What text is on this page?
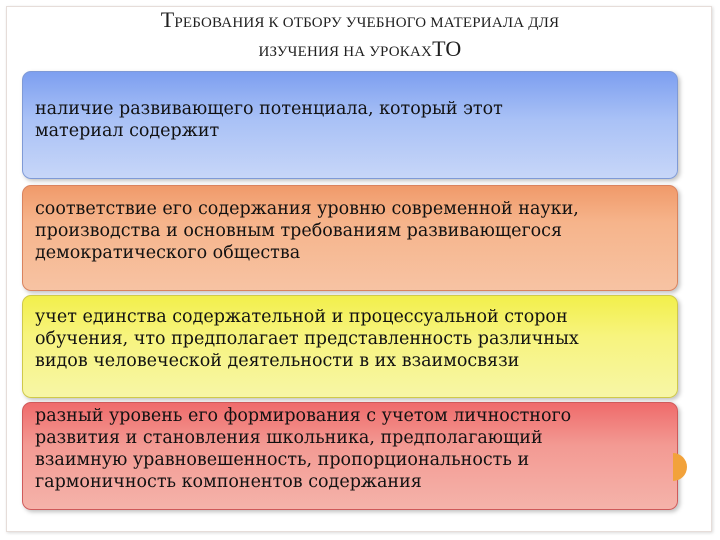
ТРЕБОВАНИЯ К ОТБОРУ УЧЕБНОГО МАТЕРИАЛА ДЛЯ
ИЗУЧЕНИЯ НА УРОКАХТО
наличие развивающего потенциала, который этот
материал содержит
соответствие его содержания уровню современной науки,
производства и основным требованиям развивающегося
демократического общества
учет единства содержательной и процессуальной сторон
обучения, что предполагает представленность различных
видов человеческой деятельности в их взаимосвязи
разный уровень его формирования с учетом личностного
развития и становления школьника, предполагающий
взаимную уравновешенность, пропорциональность и
гармоничность компонентов содержания
